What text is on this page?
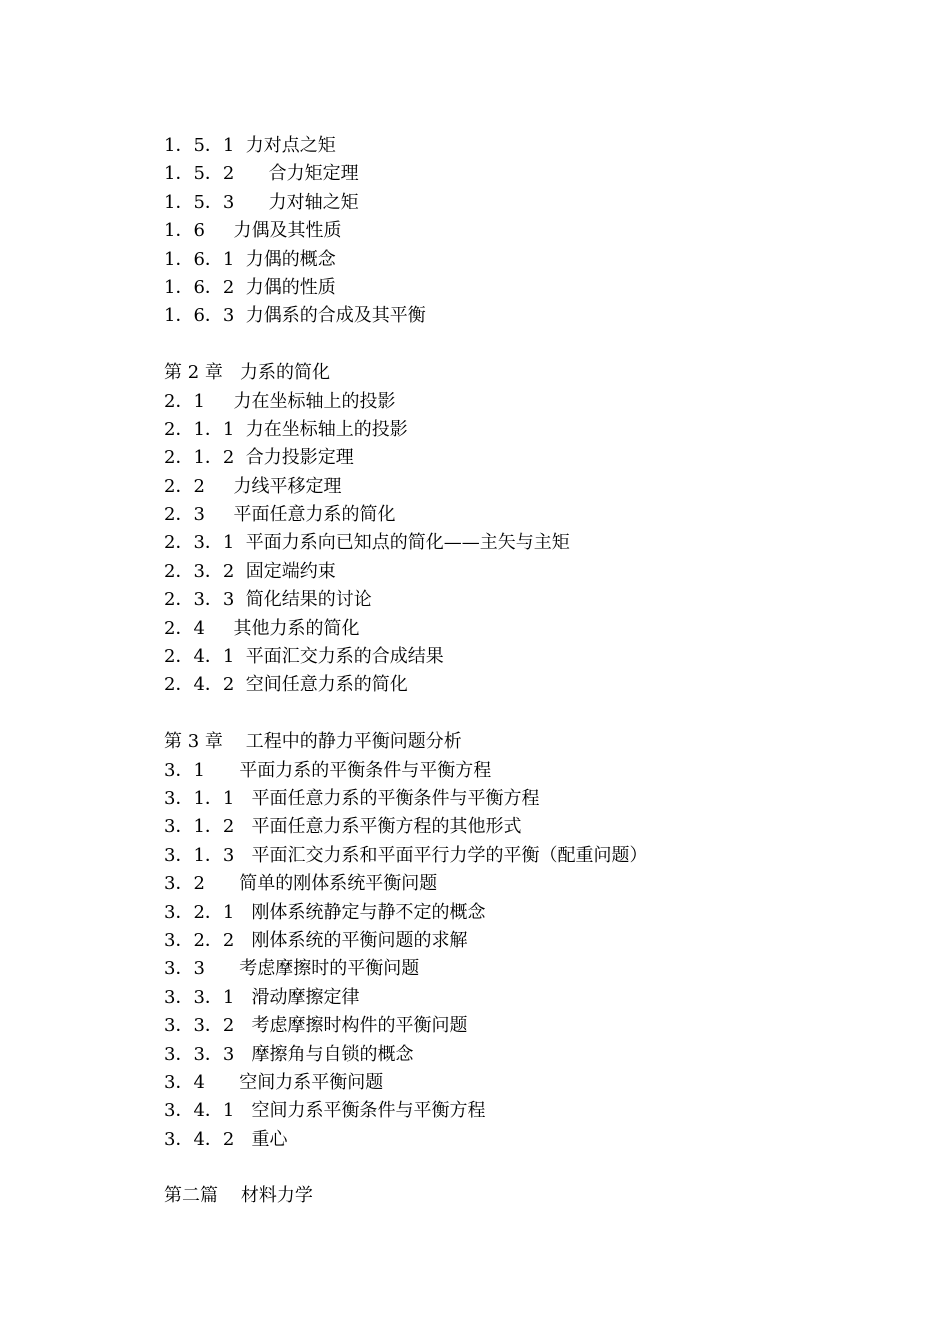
1．5．1  力对点之矩
1．5．2      合力矩定理
1．5．3      力对轴之矩
1．6     力偶及其性质
1．6．1  力偶的概念
1．6．2  力偶的性质
1．6．3  力偶系的合成及其平衡
第 2 章   力系的简化
2．1     力在坐标轴上的投影
2．1．1  力在坐标轴上的投影
2．1．2  合力投影定理
2．2     力线平移定理
2．3     平面任意力系的简化
2．3．1  平面力系向已知点的简化——主矢与主矩
2．3．2  固定端约束
2．3．3  简化结果的讨论
2．4     其他力系的简化
2．4．1  平面汇交力系的合成结果
2．4．2  空间任意力系的简化
第 3 章    工程中的静力平衡问题分析
3．1      平面力系的平衡条件与平衡方程
3．1．1   平面任意力系的平衡条件与平衡方程
3．1．2   平面任意力系平衡方程的其他形式
3．1．3   平面汇交力系和平面平行力学的平衡（配重问题）
3．2      简单的刚体系统平衡问题
3．2．1   刚体系统静定与静不定的概念
3．2．2   刚体系统的平衡问题的求解
3．3      考虑摩擦时的平衡问题
3．3．1   滑动摩擦定律
3．3．2   考虑摩擦时构件的平衡问题
3．3．3   摩擦角与自锁的概念
3．4      空间力系平衡问题
3．4．1   空间力系平衡条件与平衡方程
3．4．2   重心
第二篇    材料力学
